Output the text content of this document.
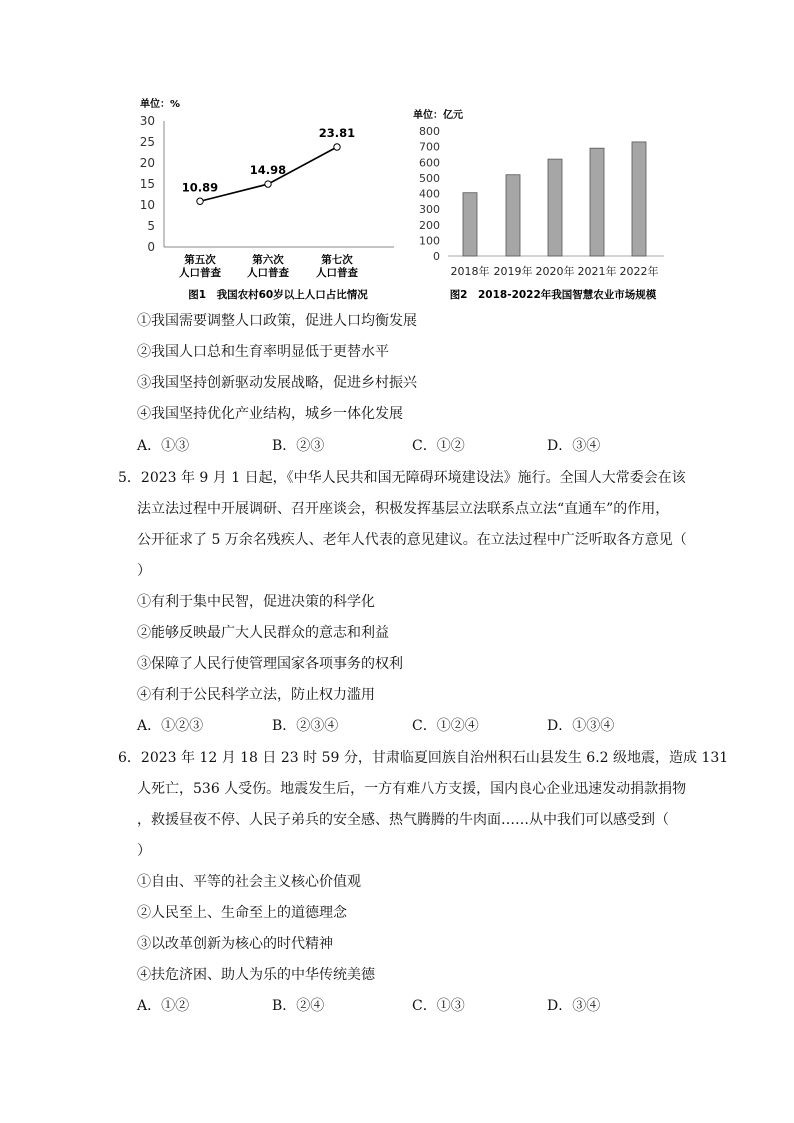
单位：%
0
5
10
15
20
25
30
10.89
14.98
23.81
第五次
人口普查
第六次
人口普查
第七次
人口普查
图1　我国农村60岁以上人口占比情况
单位：亿元
0
100
200
300
400
500
600
700
800
2018年 2019年 2020年 2021年 2022年
图2　2018-2022年我国智慧农业市场规模
①我国需要调整人口政策，促进人口均衡发展
②我国人口总和生育率明显低于更替水平
③我国坚持创新驱动发展战略，促进乡村振兴
④我国坚持优化产业结构，城乡一体化发展
A．①③	B．②③	C．①②	D．③④
5．2023 年 9 月 1 日起，《中华人民共和国无障碍环境建设法》施行。全国人大常委会在该
法立法过程中开展调研、召开座谈会，积极发挥基层立法联系点立法“直通车”的作用，
公开征求了 5 万余名残疾人、老年人代表的意见建议。在立法过程中广泛听取各方意见（
）
①有利于集中民智，促进决策的科学化
②能够反映最广大人民群众的意志和利益
③保障了人民行使管理国家各项事务的权利
④有利于公民科学立法，防止权力滥用
A．①②③	B．②③④	C．①②④	D．①③④
6．2023 年 12 月 18 日 23 时 59 分，甘肃临夏回族自治州积石山县发生 6.2 级地震，造成 131
人死亡，536 人受伤。地震发生后，一方有难八方支援，国内良心企业迅速发动捐款捐物
，救援昼夜不停、人民子弟兵的安全感、热气腾腾的牛肉面……从中我们可以感受到（
）
①自由、平等的社会主义核心价值观
②人民至上、生命至上的道德理念
③以改革创新为核心的时代精神
④扶危济困、助人为乐的中华传统美德
A．①②	B．②④	C．①③	D．③④
